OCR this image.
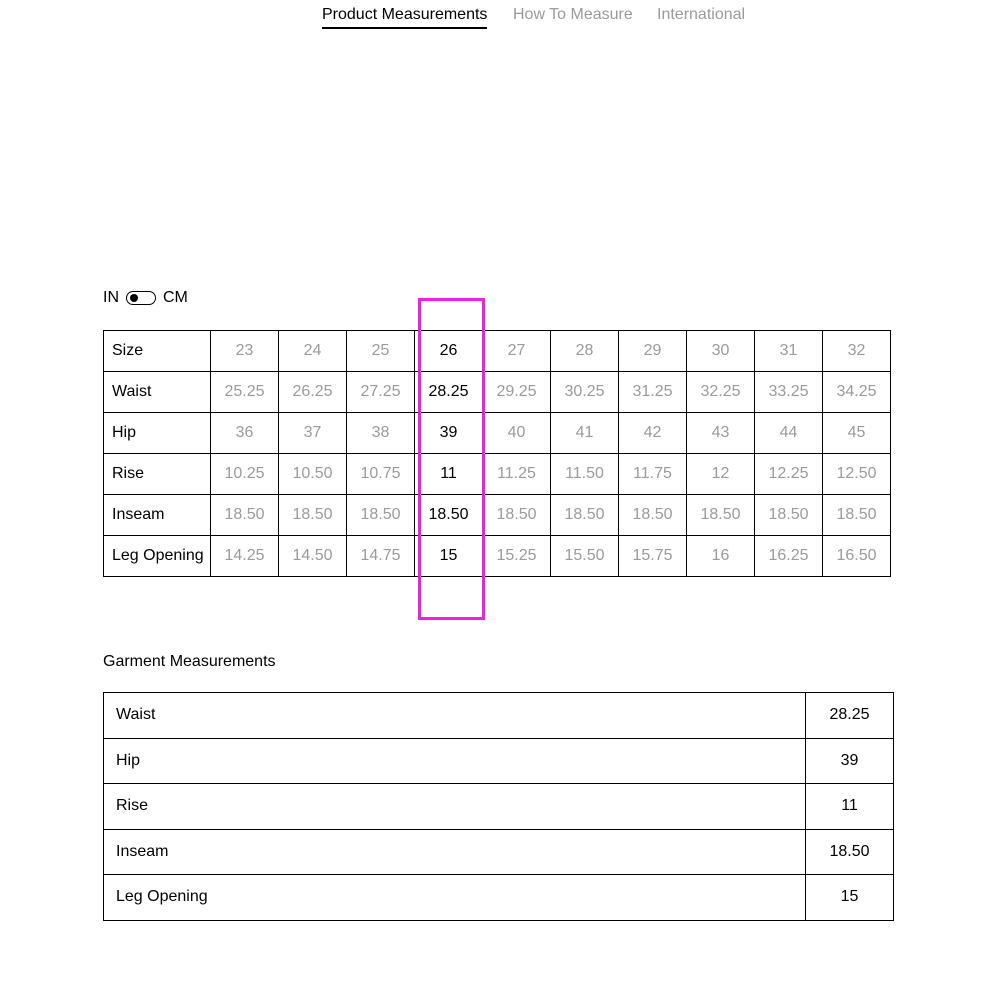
Product Measurements How To Measure International
IN	CM
Size	23	24	25	26	27	28	29	30	31	32
Waist	25.25	26.25	27.25	28.25	29.25	30.25	31.25	32.25	33.25	34.25
Hip	36	37	38	39	40	41	42	43	44	45
Rise	10.25	10.50	10.75	11	11.25	11.50	11.75	12	12.25	12.50
Inseam	18.50	18.50	18.50	18.50	18.50	18.50	18.50	18.50	18.50	18.50
Leg Opening	14.25	14.50	14.75	15	15.25	15.50	15.75	16	16.25	16.50
Garment Measurements
Waist	28.25
Hip	39
Rise	11
Inseam	18.50
Leg Opening	15
